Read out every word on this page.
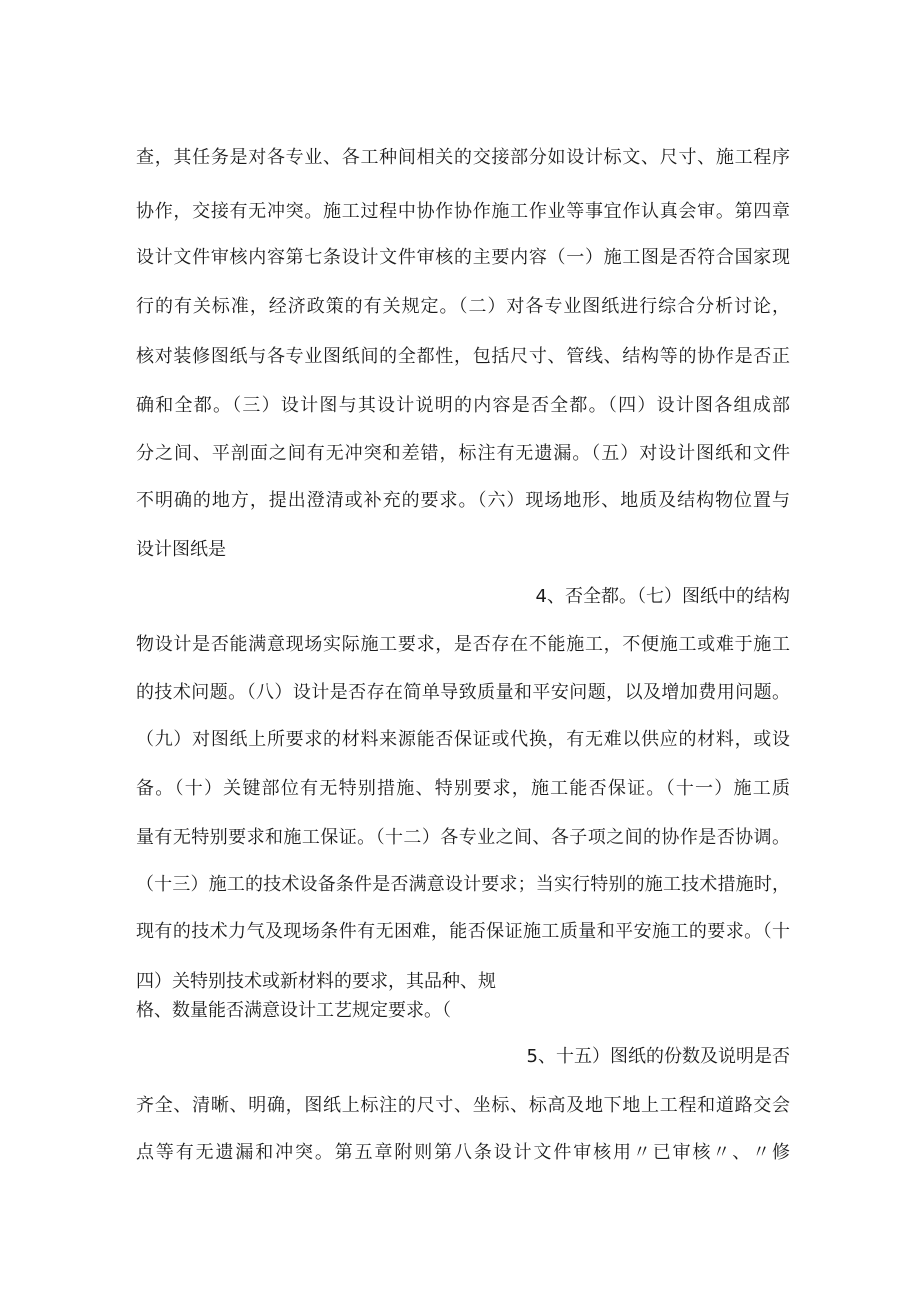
查，其任务是对各专业、各工种间相关的交接部分如设计标文、尺寸、施工程序
协作，交接有无冲突。施工过程中协作协作施工作业等事宜作认真会审。第四章
设计文件审核内容第七条设计文件审核的主要内容（一）施工图是否符合国家现
行的有关标准，经济政策的有关规定。（二）对各专业图纸进行综合分析讨论，
核对装修图纸与各专业图纸间的全都性，包括尺寸、管线、结构等的协作是否正
确和全都。（三）设计图与其设计说明的内容是否全都。（四）设计图各组成部
分之间、平剖面之间有无冲突和差错，标注有无遗漏。（五）对设计图纸和文件
不明确的地方，提出澄清或补充的要求。（六）现场地形、地质及结构物位置与
设计图纸是
4、否全都。（七）图纸中的结构
物设计是否能满意现场实际施工要求，是否存在不能施工，不便施工或难于施工
的技术问题。（八）设计是否存在简单导致质量和平安问题，以及增加费用问题。
（九）对图纸上所要求的材料来源能否保证或代换，有无难以供应的材料，或设
备。（十）关键部位有无特别措施、特别要求，施工能否保证。（十一）施工质
量有无特别要求和施工保证。（十二）各专业之间、各子项之间的协作是否协调。
（十三）施工的技术设备条件是否满意设计要求；当实行特别的施工技术措施时，
现有的技术力气及现场条件有无困难，能否保证施工质量和平安施工的要求。（十
四）关特别技术或新材料的要求，其品种、规
格、数量能否满意设计工艺规定要求。（
5、十五）图纸的份数及说明是否
齐全、清晰、明确，图纸上标注的尺寸、坐标、标高及地下地上工程和道路交会
点等有无遗漏和冲突。第五章附则第八条设计文件审核用〃已审核〃、〃修
